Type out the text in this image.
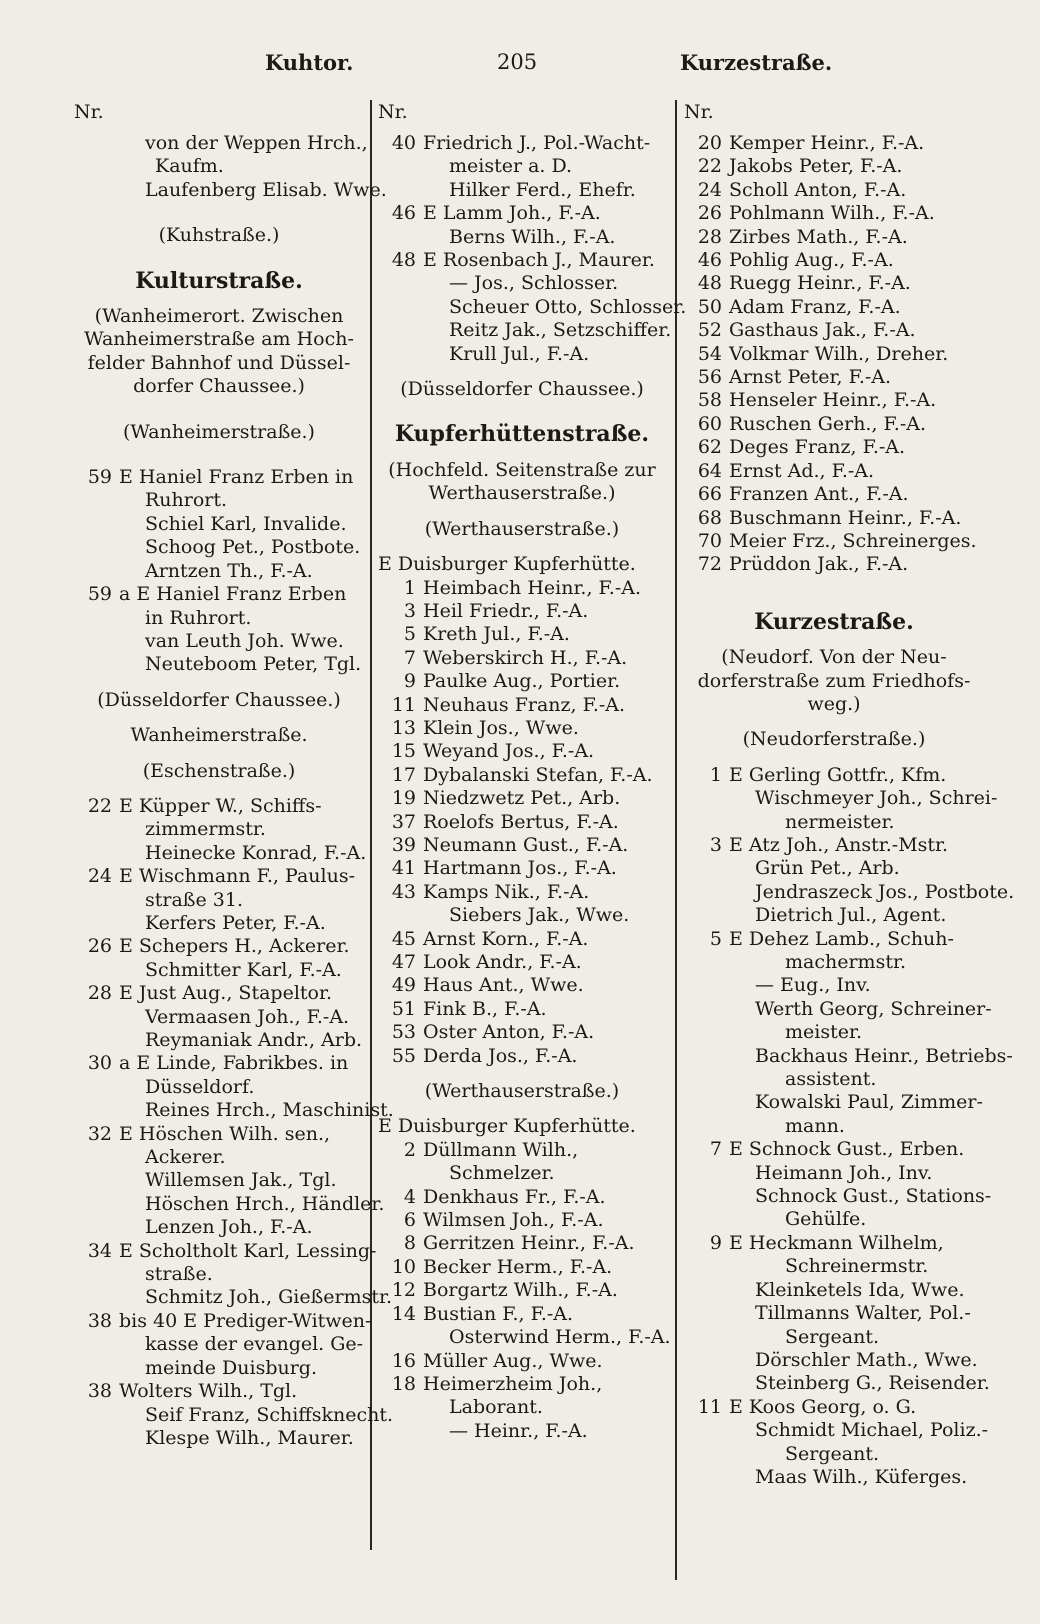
Kuhtor.	205	Kurzestraße.
Nr.
von der Weppen Hrch.,
Kaufm.
Laufenberg Elisab. Wwe.
(Kuhstraße.)
Kulturstraße.
(Wanheimerort. Zwischen
Wanheimerstraße am Hoch-
felder Bahnhof und Düssel-
dorfer Chaussee.)
(Wanheimerstraße.)
59 E Haniel Franz Erben in
Ruhrort.
Schiel Karl, Invalide.
Schoog Pet., Postbote.
Arntzen Th., F.-A.
59 a E Haniel Franz Erben
in Ruhrort.
van Leuth Joh. Wwe.
Neuteboom Peter, Tgl.
(Düsseldorfer Chaussee.)
Wanheimerstraße.
(Eschenstraße.)
22 E Küpper W., Schiffs-
zimmermstr.
Heinecke Konrad, F.-A.
24 E Wischmann F., Paulus-
straße 31.
Kerfers Peter, F.-A.
26 E Schepers H., Ackerer.
Schmitter Karl, F.-A.
28 E Just Aug., Stapeltor.
Vermaasen Joh., F.-A.
Reymaniak Andr., Arb.
30 a E Linde, Fabrikbes. in
Düsseldorf.
Reines Hrch., Maschinist.
32 E Höschen Wilh. sen.,
Ackerer.
Willemsen Jak., Tgl.
Höschen Hrch., Händler.
Lenzen Joh., F.-A.
34 E Scholtholt Karl, Lessing-
straße.
Schmitz Joh., Gießermstr.
38 bis 40 E Prediger-Witwen-
kasse der evangel. Ge-
meinde Duisburg.
38 Wolters Wilh., Tgl.
Seif Franz, Schiffsknecht.
Klespe Wilh., Maurer.
Nr.
40 Friedrich J., Pol.-Wacht-
meister a. D.
Hilker Ferd., Ehefr.
46 E Lamm Joh., F.-A.
Berns Wilh., F.-A.
48 E Rosenbach J., Maurer.
— Jos., Schlosser.
Scheuer Otto, Schlosser.
Reitz Jak., Setzschiffer.
Krull Jul., F.-A.
(Düsseldorfer Chaussee.)
Kupferhüttenstraße.
(Hochfeld. Seitenstraße zur
Werthauserstraße.)
(Werthauserstraße.)
E Duisburger Kupferhütte.
1 Heimbach Heinr., F.-A.
3 Heil Friedr., F.-A.
5 Kreth Jul., F.-A.
7 Weberskirch H., F.-A.
9 Paulke Aug., Portier.
11 Neuhaus Franz, F.-A.
13 Klein Jos., Wwe.
15 Weyand Jos., F.-A.
17 Dybalanski Stefan, F.-A.
19 Niedzwetz Pet., Arb.
37 Roelofs Bertus, F.-A.
39 Neumann Gust., F.-A.
41 Hartmann Jos., F.-A.
43 Kamps Nik., F.-A.
Siebers Jak., Wwe.
45 Arnst Korn., F.-A.
47 Look Andr., F.-A.
49 Haus Ant., Wwe.
51 Fink B., F.-A.
53 Oster Anton, F.-A.
55 Derda Jos., F.-A.
(Werthauserstraße.)
E Duisburger Kupferhütte.
2 Düllmann Wilh.,
Schmelzer.
4 Denkhaus Fr., F.-A.
6 Wilmsen Joh., F.-A.
8 Gerritzen Heinr., F.-A.
10 Becker Herm., F.-A.
12 Borgartz Wilh., F.-A.
14 Bustian F., F.-A.
Osterwind Herm., F.-A.
16 Müller Aug., Wwe.
18 Heimerzheim Joh.,
Laborant.
— Heinr., F.-A.
Nr.
20 Kemper Heinr., F.-A.
22 Jakobs Peter, F.-A.
24 Scholl Anton, F.-A.
26 Pohlmann Wilh., F.-A.
28 Zirbes Math., F.-A.
46 Pohlig Aug., F.-A.
48 Ruegg Heinr., F.-A.
50 Adam Franz, F.-A.
52 Gasthaus Jak., F.-A.
54 Volkmar Wilh., Dreher.
56 Arnst Peter, F.-A.
58 Henseler Heinr., F.-A.
60 Ruschen Gerh., F.-A.
62 Deges Franz, F.-A.
64 Ernst Ad., F.-A.
66 Franzen Ant., F.-A.
68 Buschmann Heinr., F.-A.
70 Meier Frz., Schreinerges.
72 Prüddon Jak., F.-A.
Kurzestraße.
(Neudorf. Von der Neu-
dorferstraße zum Friedhofs-
weg.)
(Neudorferstraße.)
1 E Gerling Gottfr., Kfm.
Wischmeyer Joh., Schrei-
nermeister.
3 E Atz Joh., Anstr.-Mstr.
Grün Pet., Arb.
Jendraszeck Jos., Postbote.
Dietrich Jul., Agent.
5 E Dehez Lamb., Schuh-
machermstr.
— Eug., Inv.
Werth Georg, Schreiner-
meister.
Backhaus Heinr., Betriebs-
assistent.
Kowalski Paul, Zimmer-
mann.
7 E Schnock Gust., Erben.
Heimann Joh., Inv.
Schnock Gust., Stations-
Gehülfe.
9 E Heckmann Wilhelm,
Schreinermstr.
Kleinketels Ida, Wwe.
Tillmanns Walter, Pol.-
Sergeant.
Dörschler Math., Wwe.
Steinberg G., Reisender.
11 E Koos Georg, o. G.
Schmidt Michael, Poliz.-
Sergeant.
Maas Wilh., Küferges.
